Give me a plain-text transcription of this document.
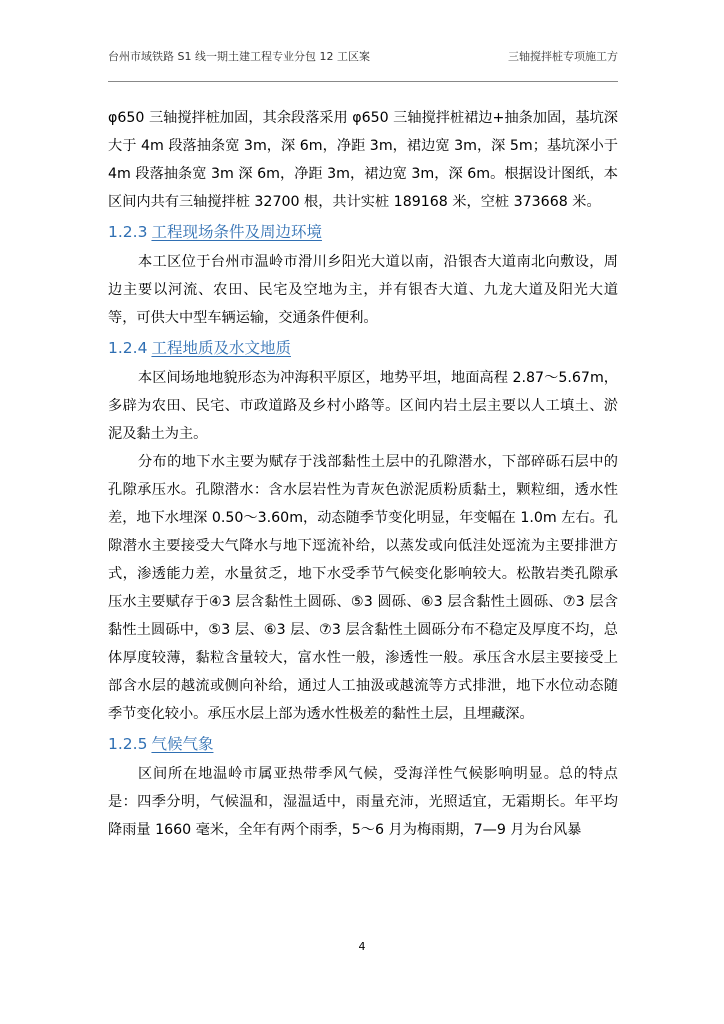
台州市域铁路 S1 线一期土建工程专业分包 12 工区案	三轴搅拌桩专项施工方

φ650 三轴搅拌桩加固，其余段落采用 φ650 三轴搅拌桩裙边+抽条加固，基坑深大于 4m 段落抽条宽 3m，深 6m，净距 3m，裙边宽 3m，深 5m；基坑深小于 4m 段落抽条宽 3m 深 6m，净距 3m，裙边宽 3m，深 6m。根据设计图纸，本区间内共有三轴搅拌桩 32700 根，共计实桩 189168 米，空桩 373668 米。

1.2.3 工程现场条件及周边环境

本工区位于台州市温岭市滑川乡阳光大道以南，沿银杏大道南北向敷设，周边主要以河流、农田、民宅及空地为主，并有银杏大道、九龙大道及阳光大道等，可供大中型车辆运输，交通条件便利。

1.2.4 工程地质及水文地质

本区间场地地貌形态为冲海积平原区，地势平坦，地面高程 2.87～5.67m，多辟为农田、民宅、市政道路及乡村小路等。区间内岩土层主要以人工填土、淤泥及黏土为主。

分布的地下水主要为赋存于浅部黏性土层中的孔隙潜水，下部碎砾石层中的孔隙承压水。孔隙潜水：含水层岩性为青灰色淤泥质粉质黏土，颗粒细，透水性差，地下水埋深 0.50～3.60m，动态随季节变化明显，年变幅在 1.0m 左右。孔隙潜水主要接受大气降水与地下逕流补给，以蒸发或向低洼处逕流为主要排泄方式，渗透能力差，水量贫乏，地下水受季节气候变化影响较大。松散岩类孔隙承压水主要赋存于④3 层含黏性土圆砾、⑤3 圆砾、⑥3 层含黏性土圆砾、⑦3 层含黏性土圆砾中，⑤3 层、⑥3 层、⑦3 层含黏性土圆砾分布不稳定及厚度不均，总体厚度较薄，黏粒含量较大，富水性一般，渗透性一般。承压含水层主要接受上部含水层的越流或侧向补给，通过人工抽汲或越流等方式排泄，地下水位动态随季节变化较小。承压水层上部为透水性极差的黏性土层，且埋藏深。

1.2.5 气候气象

区间所在地温岭市属亚热带季风气候，受海洋性气候影响明显。总的特点是：四季分明，气候温和，湿温适中，雨量充沛，光照适宜，无霜期长。年平均降雨量 1660 毫米，全年有两个雨季，5～6 月为梅雨期，7—9 月为台风暴

4
